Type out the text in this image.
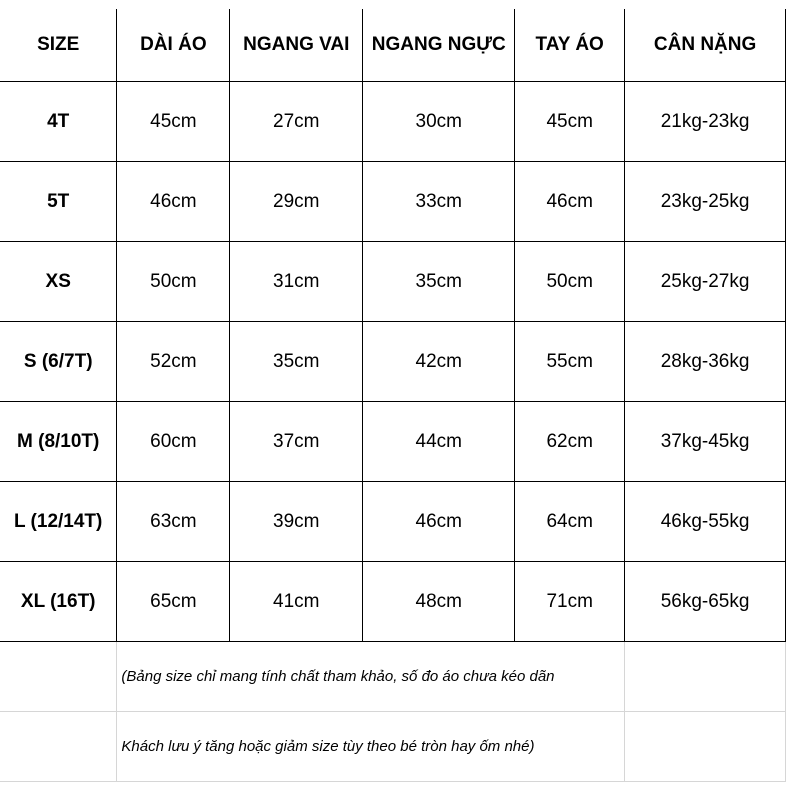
SIZE	DÀI ÁO	NGANG VAI	NGANG NGỰC	TAY ÁO	CÂN NẶNG
4T	45cm	27cm	30cm	45cm	21kg-23kg
5T	46cm	29cm	33cm	46cm	23kg-25kg
XS	50cm	31cm	35cm	50cm	25kg-27kg
S (6/7T)	52cm	35cm	42cm	55cm	28kg-36kg
M (8/10T)	60cm	37cm	44cm	62cm	37kg-45kg
L (12/14T)	63cm	39cm	46cm	64cm	46kg-55kg
XL (16T)	65cm	41cm	48cm	71cm	56kg-65kg
	(Bảng size chỉ mang tính chất tham khảo, số đo áo chưa kéo dãn				
	Khách lưu ý tăng hoặc giảm size tùy theo bé tròn hay ốm nhé)				
